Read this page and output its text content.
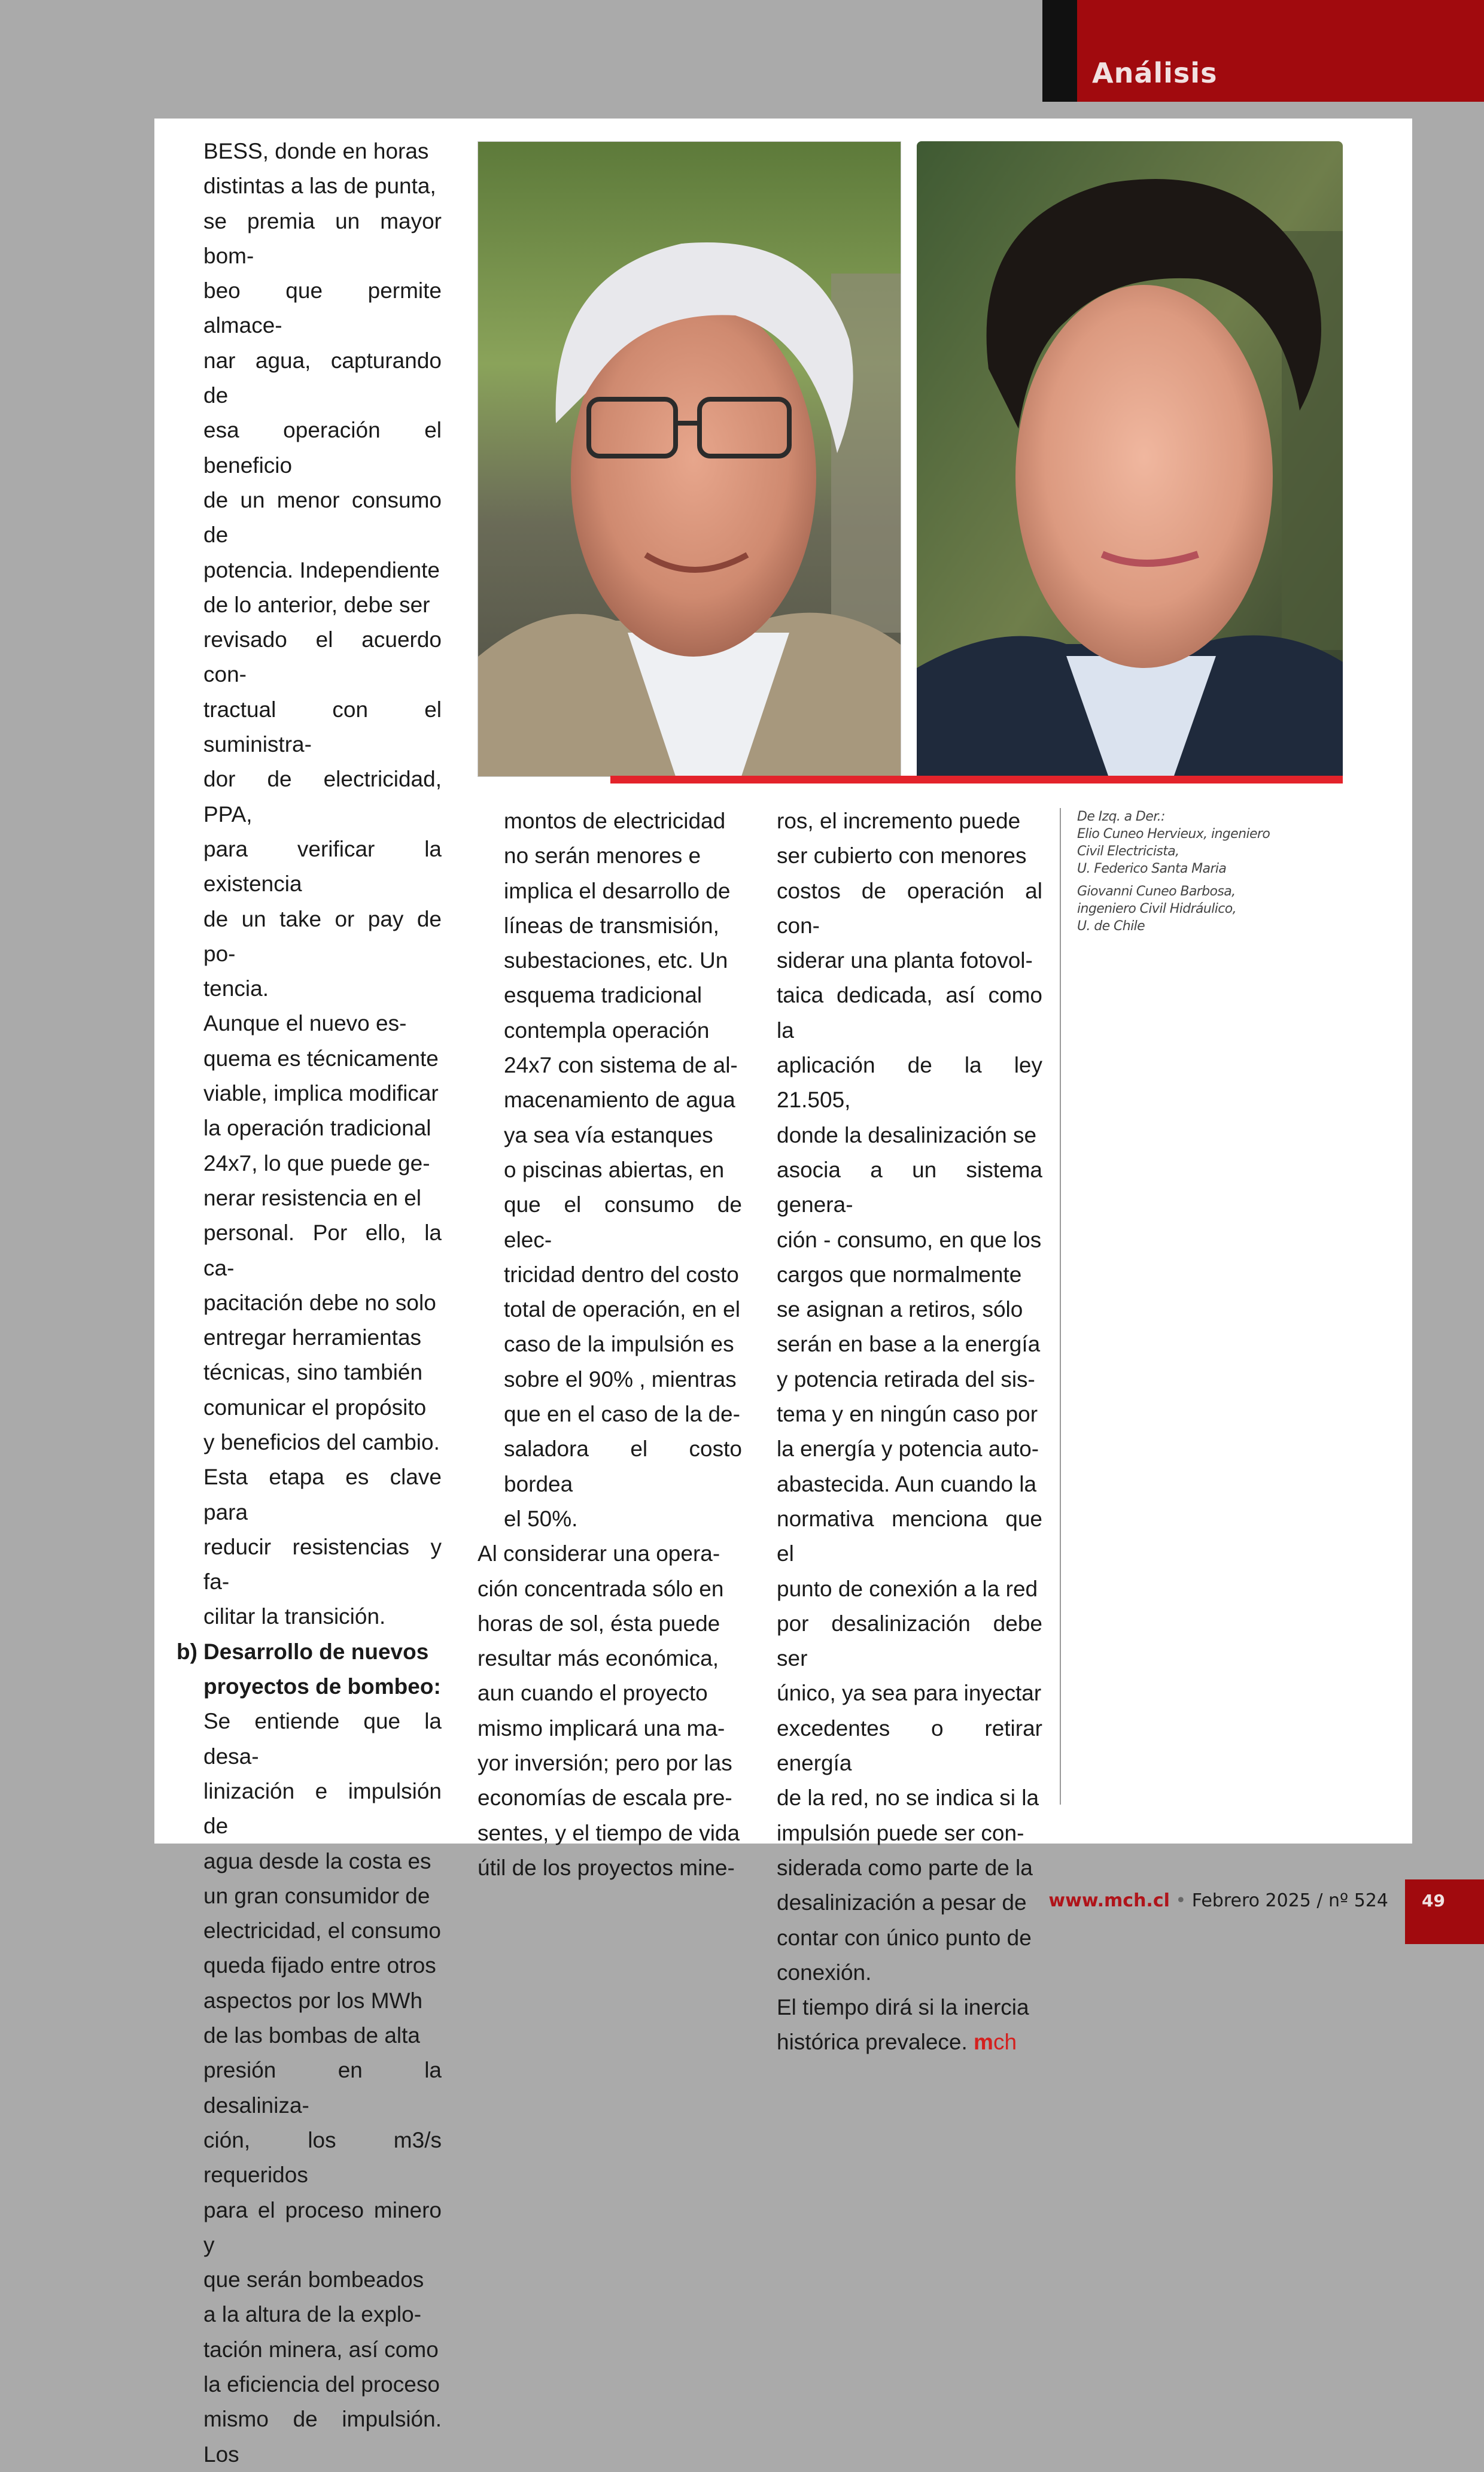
Análisis

BESS, donde en horas

distintas a las de punta,

se premia un mayor bom-

beo que permite almace-

nar agua, capturando de

esa operación el beneficio

de un menor consumo de

potencia. Independiente

de lo anterior, debe ser

revisado el acuerdo con-

tractual con el suministra-

dor de electricidad, PPA,

para verificar la existencia

de un take or pay de po-

tencia.

Aunque el nuevo es-

quema es técnicamente

viable, implica modificar

la operación tradicional

24x7, lo que puede ge-

nerar resistencia en el

personal. Por ello, la ca-

pacitación debe no solo

entregar herramientas

técnicas, sino también

comunicar el propósito

y beneficios del cambio.

Esta etapa es clave para

reducir resistencias y fa-

cilitar la transición.

b) Desarrollo de nuevos

proyectos de bombeo:

Se entiende que la desa-

linización e impulsión de

agua desde la costa es

un gran consumidor de

electricidad, el consumo

queda fijado entre otros

aspectos por los MWh

de las bombas de alta

presión en la desaliniza-

ción, los m3/s requeridos

para el proceso minero y

que serán bombeados

a la altura de la explo-

tación minera, así como

la eficiencia del proceso

mismo de impulsión. Los

montos de electricidad

no serán menores e

implica el desarrollo de

líneas de transmisión,

subestaciones, etc. Un

esquema tradicional

contempla operación

24x7 con sistema de al-

macenamiento de agua

ya sea vía estanques

o piscinas abiertas, en

que el consumo de elec-

tricidad dentro del costo

total de operación, en el

caso de la impulsión es

sobre el 90% , mientras

que en el caso de la de-

saladora el costo bordea

el 50%.

Al considerar una opera-

ción concentrada sólo en

horas de sol, ésta puede

resultar más económica,

aun cuando el proyecto

mismo implicará una ma-

yor inversión; pero por las

economías de escala pre-

sentes, y el tiempo de vida

útil de los proyectos mine-

ros, el incremento puede

ser cubierto con menores

costos de operación al con-

siderar una planta fotovol-

taica dedicada, así como la

aplicación de la ley 21.505,

donde la desalinización se

asocia a un sistema genera-

ción - consumo, en que los

cargos que normalmente

se asignan a retiros, sólo

serán en base a la energía

y potencia retirada del sis-

tema y en ningún caso por

la energía y potencia auto-

abastecida. Aun cuando la

normativa menciona que el

punto de conexión a la red

por desalinización debe ser

único, ya sea para inyectar

excedentes o retirar energía

de la red, no se indica si la

impulsión puede ser con-

siderada como parte de la

desalinización a pesar de

contar con único punto de

conexión.

El tiempo dirá si la inercia

histórica prevalece. mch

De Izq. a Der.:
Elio Cuneo Hervieux, ingeniero
Civil Electricista,
U. Federico Santa Maria
Giovanni Cuneo Barbosa,
ingeniero Civil Hidráulico,
U. de Chile
www.mch.cl • Febrero 2025 / nº 524	49
